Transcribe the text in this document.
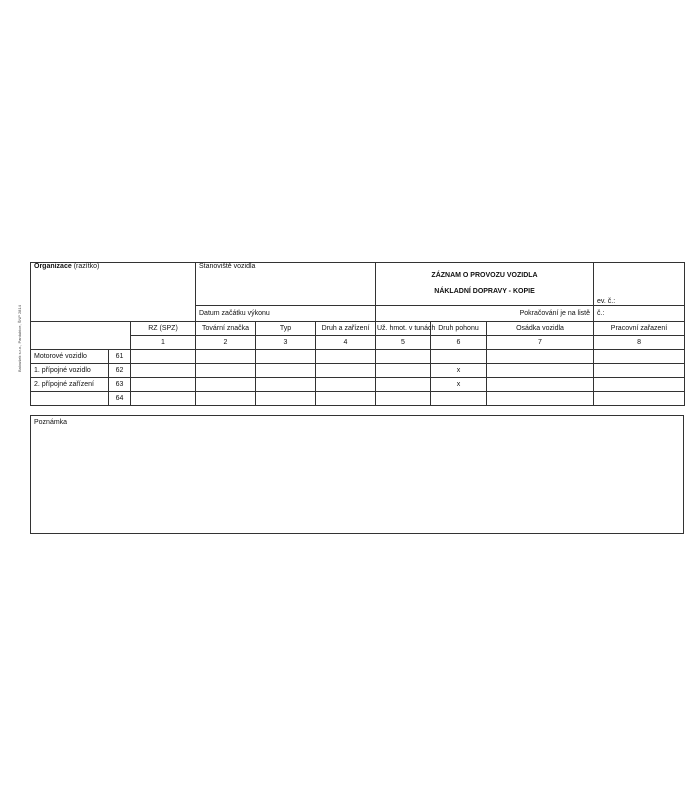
Baloušek s.r.o., Pardubice, ŠNP 2814
Organizace (razítko)			Stanoviště vozidla			ZÁZNAM O PROVOZU VOZIDLA
NÁKLADNÍ DOPRAVY - KOPIE			ev. č.:
			Datum začátku výkonu			Pokračování je na listě			č.:
		RZ (SPZ)	Tovární značka	Typ	Druh a zařízení	Už. hmot. v tunách	Druh pohonu	Osádka vozidla	Pracovní zařazení
		1	2	3	4	5	6	7	8
Motorové vozidlo	61								
1. přípojné vozidlo	62						x		
2. přípojné zařízení	63						x		
	64								
Poznámka
